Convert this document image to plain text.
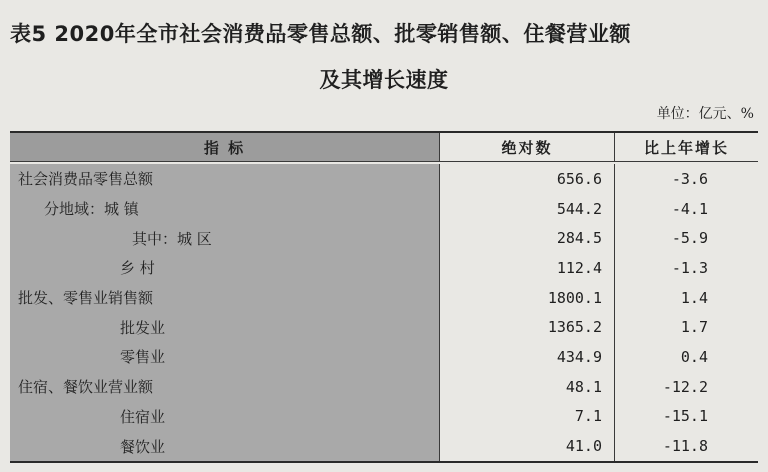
表5 2020年全市社会消费品零售总额、批零销售额、住餐营业额
及其增长速度
单位：亿元、%
指 标	绝对数	比上年增长
社会消费品零售总额	656.6	-3.6
分地域：城 镇	544.2	-4.1
其中：城 区	284.5	-5.9
乡 村	112.4	-1.3
批发、零售业销售额	1800.1	1.4
批发业	1365.2	1.7
零售业	434.9	0.4
住宿、餐饮业营业额	48.1	-12.2
住宿业	7.1	-15.1
餐饮业	41.0	-11.8
